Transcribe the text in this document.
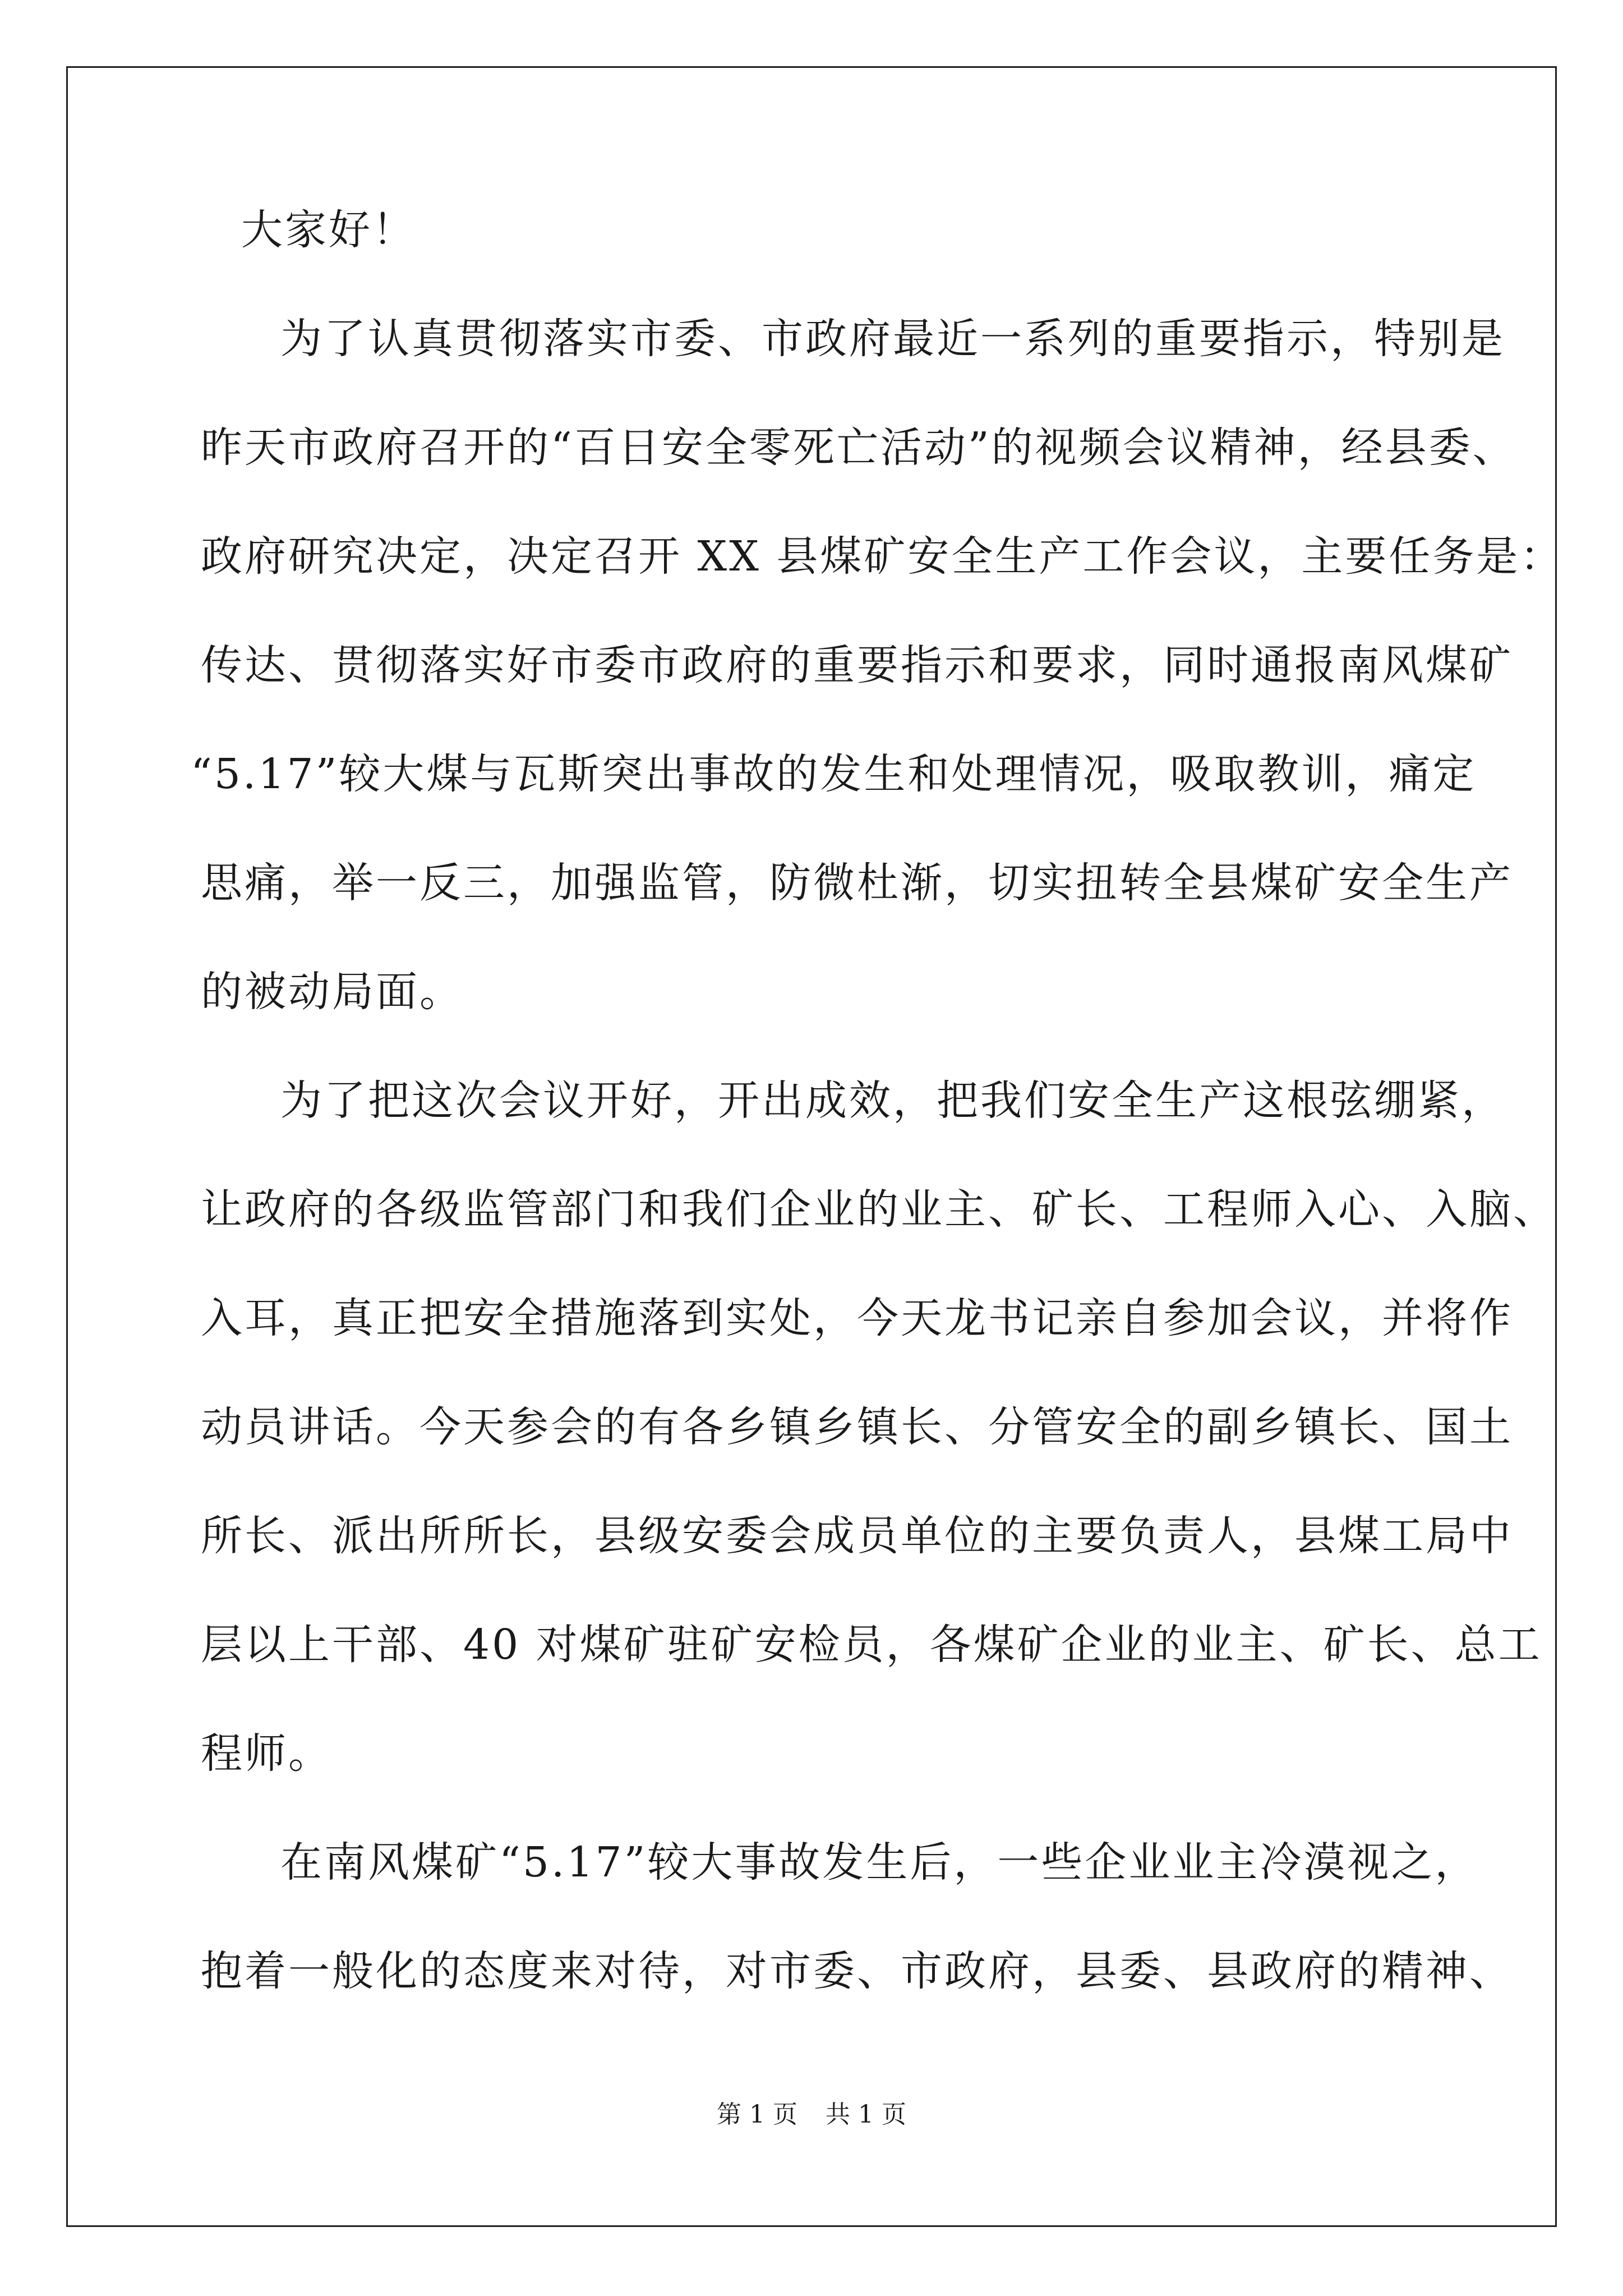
大家好！
为了认真贯彻落实市委、市政府最近一系列的重要指示，特别是
昨天市政府召开的“百日安全零死亡活动”的视频会议精神，经县委、
政府研究决定，决定召开 XX 县煤矿安全生产工作会议，主要任务是：
传达、贯彻落实好市委市政府的重要指示和要求，同时通报南风煤矿
“5.17”较大煤与瓦斯突出事故的发生和处理情况，吸取教训，痛定
思痛，举一反三，加强监管，防微杜渐，切实扭转全县煤矿安全生产
的被动局面。
为了把这次会议开好，开出成效，把我们安全生产这根弦绷紧，
让政府的各级监管部门和我们企业的业主、矿长、工程师入心、入脑、
入耳，真正把安全措施落到实处，今天龙书记亲自参加会议，并将作
动员讲话。今天参会的有各乡镇乡镇长、分管安全的副乡镇长、国土
所长、派出所所长，县级安委会成员单位的主要负责人，县煤工局中
层以上干部、40 对煤矿驻矿安检员，各煤矿企业的业主、矿长、总工
程师。
在南风煤矿“5.17”较大事故发生后，一些企业业主冷漠视之，
抱着一般化的态度来对待，对市委、市政府，县委、县政府的精神、
第 1 页 共 1 页
